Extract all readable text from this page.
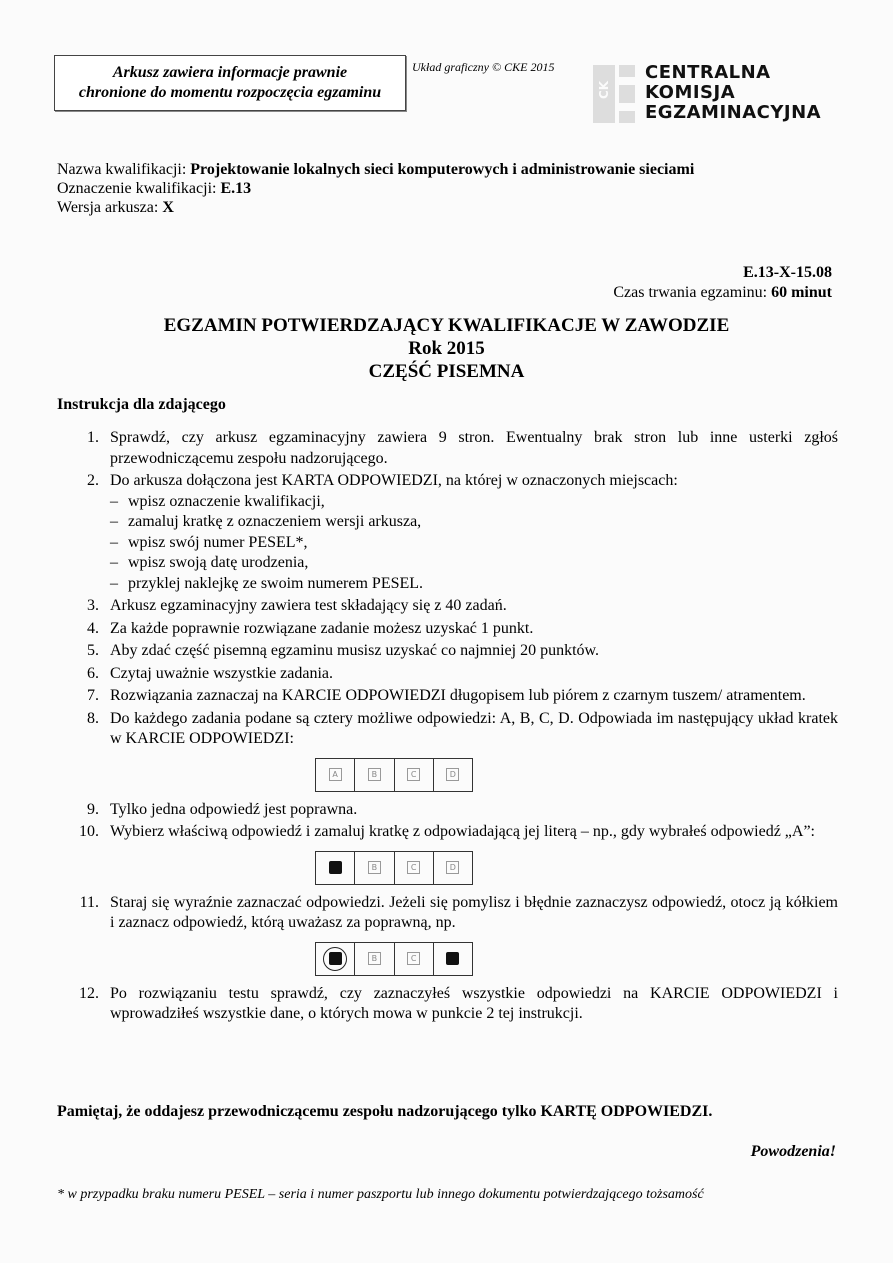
Arkusz zawiera informacje prawnie
chronione do momentu rozpoczęcia egzaminu
Układ graficzny © CKE 2015
CK
CENTRALNA
KOMISJA
EGZAMINACYJNA
Nazwa kwalifikacji: Projektowanie lokalnych sieci komputerowych i administrowanie sieciami
Oznaczenie kwalifikacji: E.13
Wersja arkusza: X
E.13-X-15.08
Czas trwania egzaminu: 60 minut
EGZAMIN POTWIERDZAJĄCY KWALIFIKACJE W ZAWODZIE
Rok 2015
CZĘŚĆ PISEMNA
Instrukcja dla zdającego
1. Sprawdź, czy arkusz egzaminacyjny zawiera 9 stron. Ewentualny brak stron lub inne usterki zgłoś przewodniczącemu zespołu nadzorującego.
2. Do arkusza dołączona jest KARTA ODPOWIEDZI, na której w oznaczonych miejscach:
– wpisz oznaczenie kwalifikacji,
– zamaluj kratkę z oznaczeniem wersji arkusza,
– wpisz swój numer PESEL*,
– wpisz swoją datę urodzenia,
– przyklej naklejkę ze swoim numerem PESEL.
3. Arkusz egzaminacyjny zawiera test składający się z 40 zadań.
4. Za każde poprawnie rozwiązane zadanie możesz uzyskać 1 punkt.
5. Aby zdać część pisemną egzaminu musisz uzyskać co najmniej 20 punktów.
6. Czytaj uważnie wszystkie zadania.
7. Rozwiązania zaznaczaj na KARCIE ODPOWIEDZI długopisem lub piórem z czarnym tuszem/ atramentem.
8. Do każdego zadania podane są cztery możliwe odpowiedzi: A, B, C, D. Odpowiada im następujący układ kratek w KARCIE ODPOWIEDZI:
A	B	C	D
9. Tylko jedna odpowiedź jest poprawna.
10. Wybierz właściwą odpowiedź i zamaluj kratkę z odpowiadającą jej literą – np., gdy wybrałeś odpowiedź „A”:
B	C	D
11. Staraj się wyraźnie zaznaczać odpowiedzi. Jeżeli się pomylisz i błędnie zaznaczysz odpowiedź, otocz ją kółkiem i zaznacz odpowiedź, którą uważasz za poprawną, np.
B	C
12. Po rozwiązaniu testu sprawdź, czy zaznaczyłeś wszystkie odpowiedzi na KARCIE ODPOWIEDZI i wprowadziłeś wszystkie dane, o których mowa w punkcie 2 tej instrukcji.
Pamiętaj, że oddajesz przewodniczącemu zespołu nadzorującego tylko KARTĘ ODPOWIEDZI.
Powodzenia!
* w przypadku braku numeru PESEL – seria i numer paszportu lub innego dokumentu potwierdzającego tożsamość
